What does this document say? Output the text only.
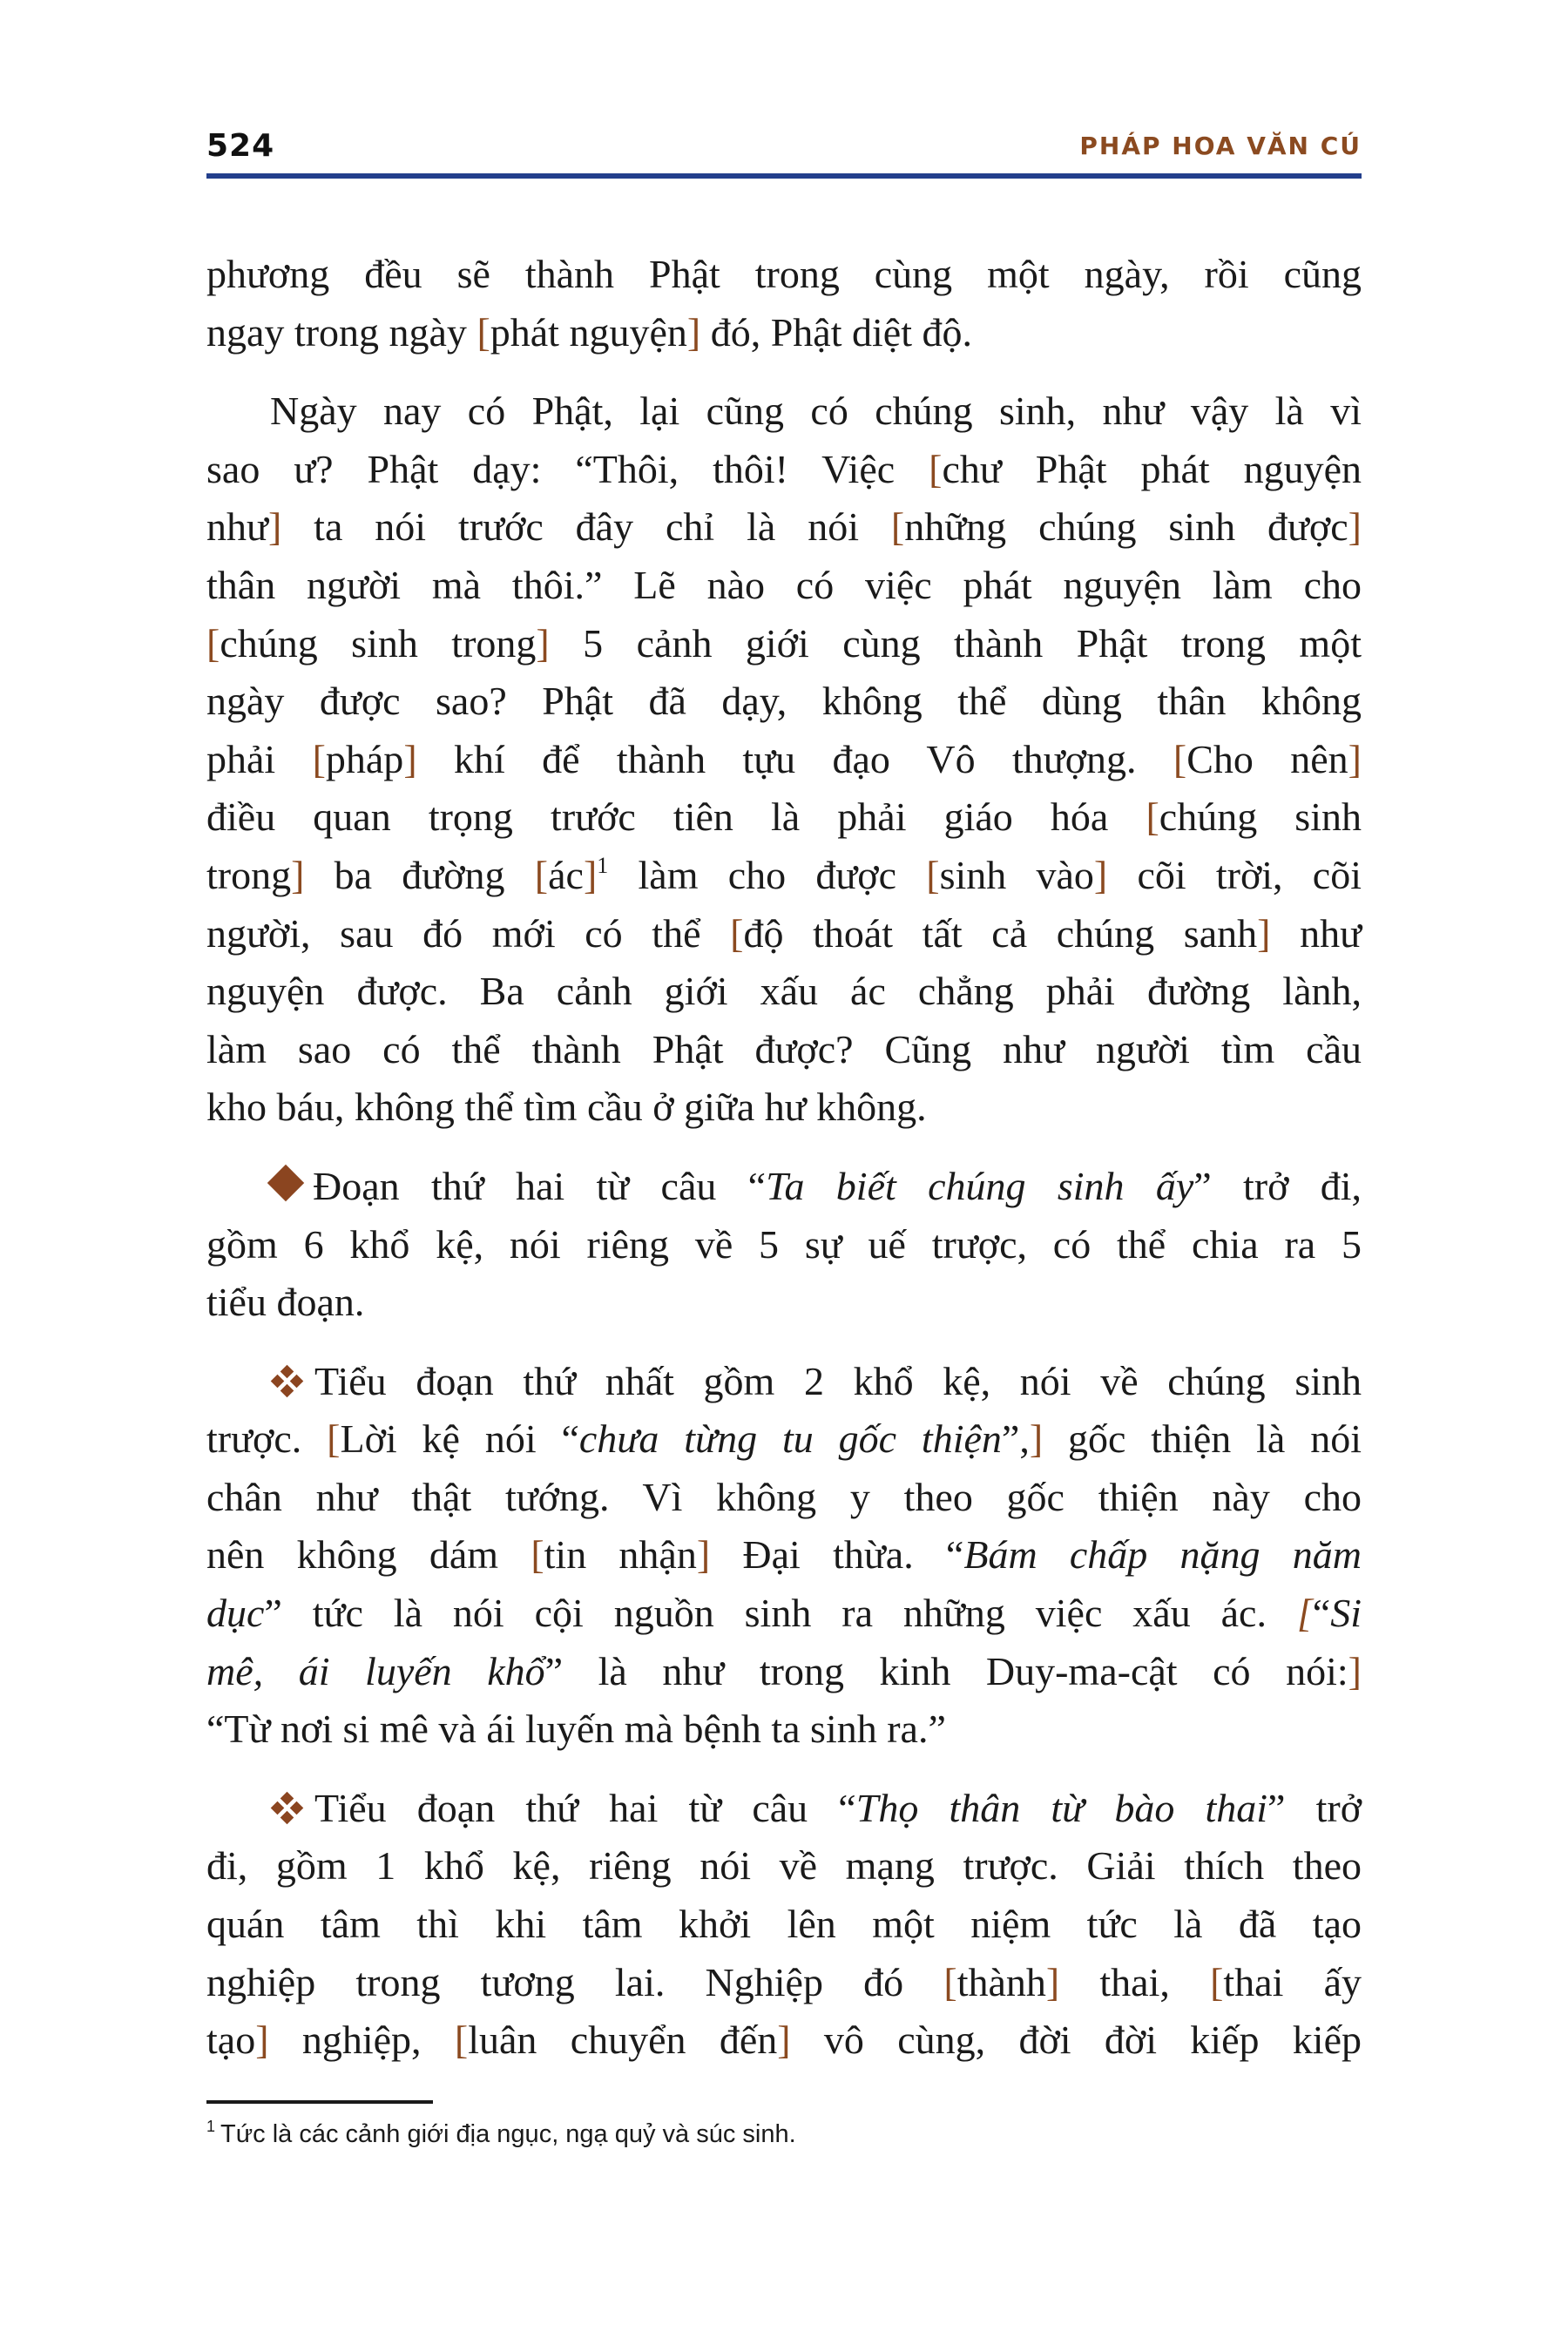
524	PHÁP HOA VĂN CÚ
phương đều sẽ thành Phật trong cùng một ngày, rồi cũng
ngay trong ngày [phát nguyện] đó, Phật diệt độ.
Ngày nay có Phật, lại cũng có chúng sinh, như vậy là vì
sao ư? Phật dạy: “Thôi, thôi! Việc [chư Phật phát nguyện
như] ta nói trước đây chỉ là nói [những chúng sinh được]
thân người mà thôi.” Lẽ nào có việc phát nguyện làm cho
[chúng sinh trong] 5 cảnh giới cùng thành Phật trong một
ngày được sao? Phật đã dạy, không thể dùng thân không
phải [pháp] khí để thành tựu đạo Vô thượng. [Cho nên]
điều quan trọng trước tiên là phải giáo hóa [chúng sinh
trong] ba đường [ác]$^1$ làm cho được [sinh vào] cõi trời, cõi
người, sau đó mới có thể [độ thoát tất cả chúng sanh] như
nguyện được. Ba cảnh giới xấu ác chẳng phải đường lành,
làm sao có thể thành Phật được? Cũng như người tìm cầu
kho báu, không thể tìm cầu ở giữa hư không.
Đoạn thứ hai từ câu “Ta biết chúng sinh ấy” trở đi,
gồm 6 khổ kệ, nói riêng về 5 sự uế trược, có thể chia ra 5
tiểu đoạn.
Tiểu đoạn thứ nhất gồm 2 khổ kệ, nói về chúng sinh
trược. [Lời kệ nói “chưa từng tu gốc thiện”,] gốc thiện là nói
chân như thật tướng. Vì không y theo gốc thiện này cho
nên không dám [tin nhận] Đại thừa. “Bám chấp nặng năm
dục” tức là nói cội nguồn sinh ra những việc xấu ác. [“Si
mê, ái luyến khổ” là như trong kinh Duy-ma-cật có nói:]
“Từ nơi si mê và ái luyến mà bệnh ta sinh ra.”
Tiểu đoạn thứ hai từ câu “Thọ thân từ bào thai” trở
đi, gồm 1 khổ kệ, riêng nói về mạng trược. Giải thích theo
quán tâm thì khi tâm khởi lên một niệm tức là đã tạo
nghiệp trong tương lai. Nghiệp đó [thành] thai, [thai ấy
tạo] nghiệp, [luân chuyển đến] vô cùng, đời đời kiếp kiếp
$^1$ Tức là các cảnh giới địa ngục, ngạ quỷ và súc sinh.
